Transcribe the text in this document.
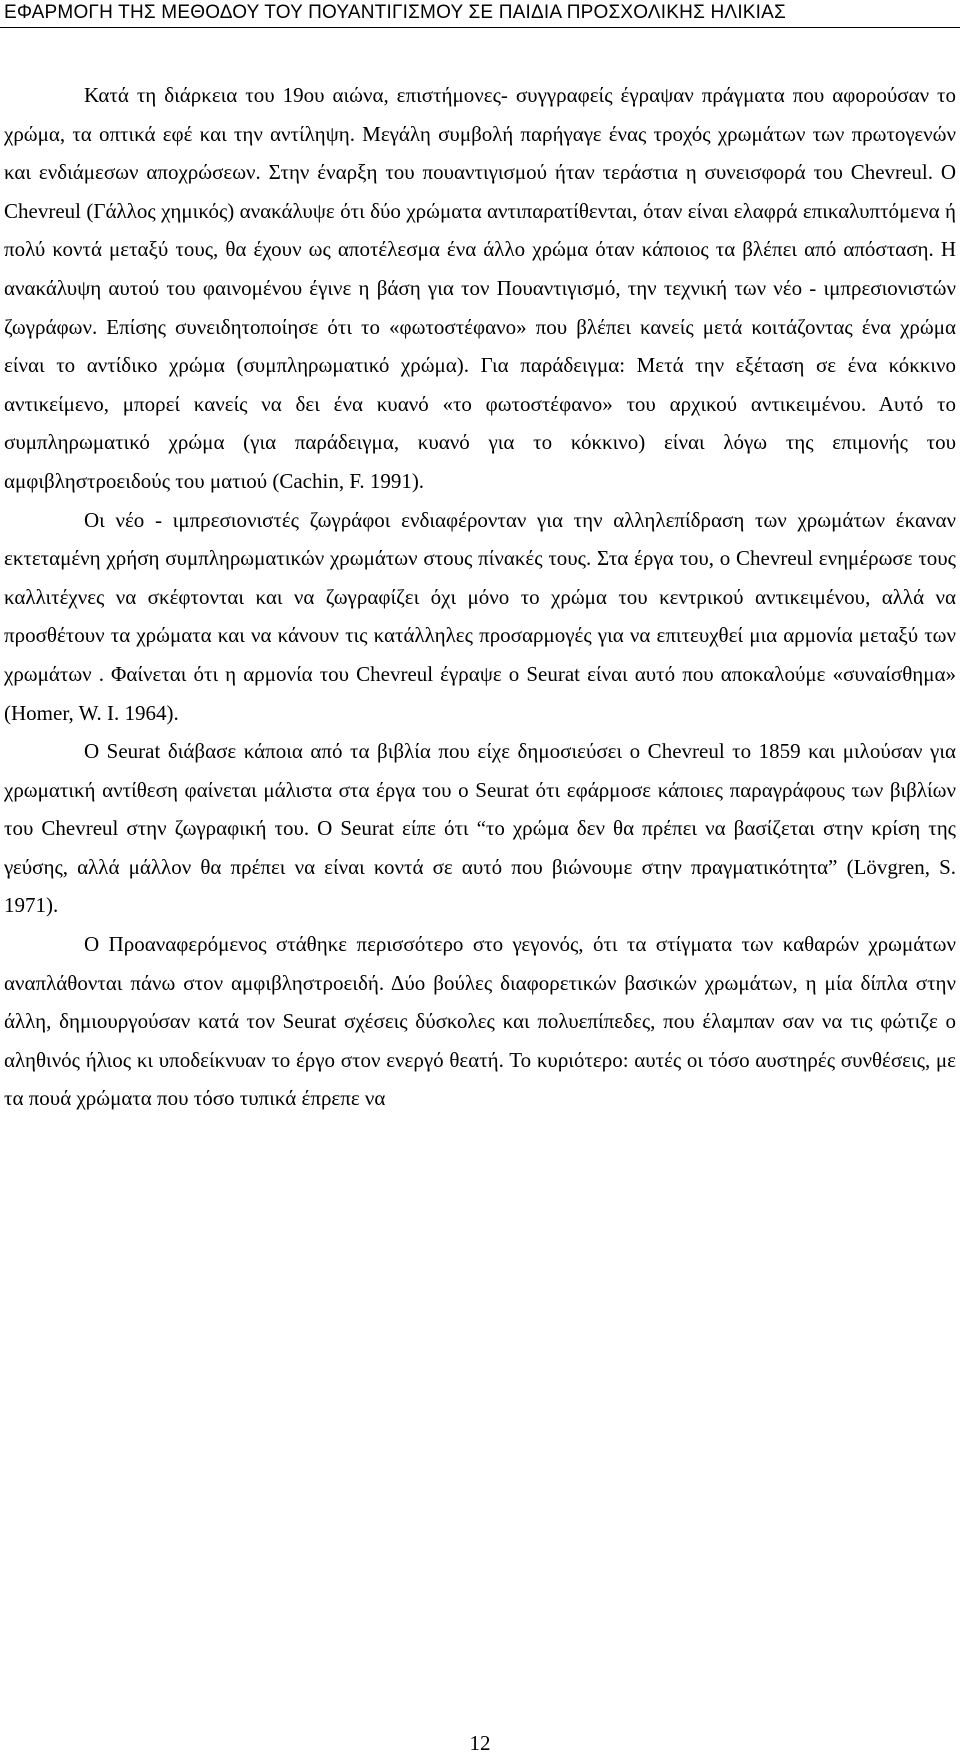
ΕΦΑΡΜΟΓΗ ΤΗΣ ΜΕΘΟΔΟΥ ΤΟΥ ΠΟΥΑΝΤΙΓΙΣΜΟΥ ΣΕ ΠΑΙΔΙΑ ΠΡΟΣΧΟΛΙΚΗΣ ΗΛΙΚΙΑΣ

Κατά τη διάρκεια του 19ου αιώνα, επιστήμονες- συγγραφείς έγραψαν πράγματα που αφορούσαν το χρώμα, τα οπτικά εφέ και την αντίληψη. Μεγάλη συμβολή παρήγαγε ένας τροχός χρωμάτων των πρωτογενών και ενδιάμεσων αποχρώσεων. Στην έναρξη του πουαντιγισμού ήταν τεράστια η συνεισφορά του Chevreul. Ο Chevreul (Γάλλος χημικός) ανακάλυψε ότι δύο χρώματα αντιπαρατίθενται, όταν είναι ελαφρά επικαλυπτόμενα ή πολύ κοντά μεταξύ τους, θα έχουν ως αποτέλεσμα ένα άλλο χρώμα όταν κάποιος τα βλέπει από απόσταση. Η ανακάλυψη αυτού του φαινομένου έγινε η βάση για τον Πουαντιγισμό, την τεχνική των νέο - ιμπρεσιονιστών ζωγράφων. Επίσης συνειδητοποίησε ότι το «φωτοστέφανο» που βλέπει κανείς μετά κοιτάζοντας ένα χρώμα είναι το αντίδικο χρώμα (συμπληρωματικό χρώμα). Για παράδειγμα: Μετά την εξέταση σε ένα κόκκινο αντικείμενο, μπορεί κανείς να δει ένα κυανό «το φωτοστέφανο» του αρχικού αντικειμένου. Αυτό το συμπληρωματικό χρώμα (για παράδειγμα, κυανό για το κόκκινο) είναι λόγω της επιμονής του αμφιβληστροειδούς του ματιού (Cachin, F. 1991).

Οι νέο - ιμπρεσιονιστές ζωγράφοι ενδιαφέρονταν για την αλληλεπίδραση των χρωμάτων έκαναν εκτεταμένη χρήση συμπληρωματικών χρωμάτων στους πίνακές τους. Στα έργα του, ο Chevreul ενημέρωσε τους καλλιτέχνες να σκέφτονται και να ζωγραφίζει όχι μόνο το χρώμα του κεντρικού αντικειμένου, αλλά να προσθέτουν τα χρώματα και να κάνουν τις κατάλληλες προσαρμογές για να επιτευχθεί μια αρμονία μεταξύ των χρωμάτων . Φαίνεται ότι η αρμονία του Chevreul έγραψε ο Seurat είναι αυτό που αποκαλούμε «συναίσθημα» (Homer, W. I. 1964).

Ο Seurat διάβασε κάποια από τα βιβλία που είχε δημοσιεύσει ο Chevreul το 1859 και μιλούσαν για χρωματική αντίθεση φαίνεται μάλιστα στα έργα του ο Seurat ότι εφάρμοσε κάποιες παραγράφους των βιβλίων του Chevreul στην ζωγραφική του. Ο Seurat είπε ότι “το χρώμα δεν θα πρέπει να βασίζεται στην κρίση της γεύσης, αλλά μάλλον θα πρέπει να είναι κοντά σε αυτό που βιώνουμε στην πραγματικότητα” (Lövgren, S. 1971).

Ο Προαναφερόμενος στάθηκε περισσότερο στο γεγονός, ότι τα στίγματα των καθαρών χρωμάτων αναπλάθονται πάνω στον αμφιβληστροειδή. Δύο βούλες διαφορετικών βασικών χρωμάτων, η μία δίπλα στην άλλη, δημιουργούσαν κατά τον Seurat σχέσεις δύσκολες και πολυεπίπεδες, που έλαμπαν σαν να τις φώτιζε ο αληθινός ήλιος κι υποδείκνυαν το έργο στον ενεργό θεατή. Το κυριότερο: αυτές οι τόσο αυστηρές συνθέσεις, με τα πουά χρώματα που τόσο τυπικά έπρεπε να

12
